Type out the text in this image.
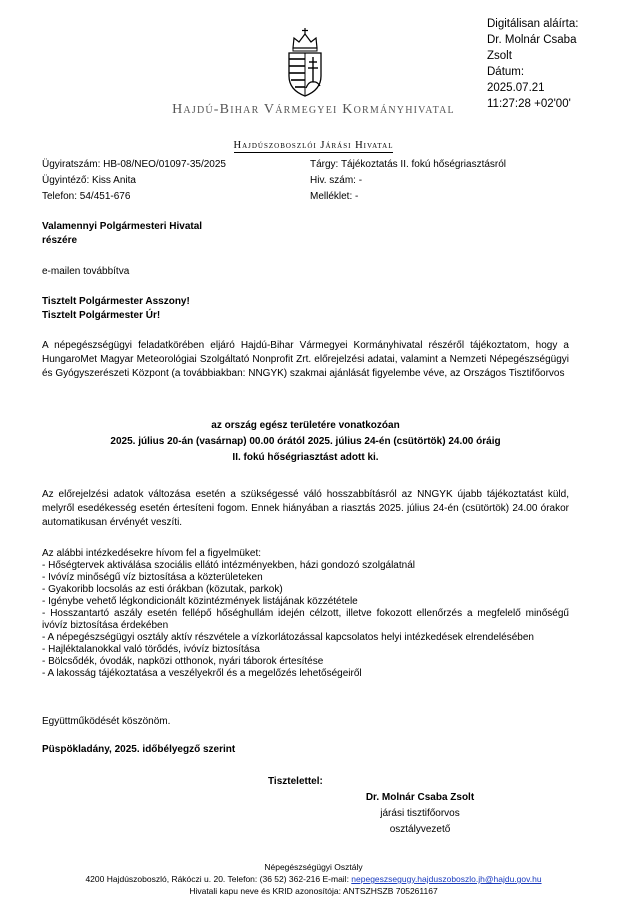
Digitálisan aláírta:
Dr. Molnár Csaba
Zsolt
Dátum:
2025.07.21
11:27:28 +02'00'
Hajdú-Bihar Vármegyei Kormányhivatal
Hajdúszoboszlói Járási Hivatal
Ügyiratszám: HB-08/NEO/01097-35/2025
Ügyintéző: Kiss Anita
Telefon: 54/451-676
Tárgy: Tájékoztatás II. fokú hőségriasztásról
Hiv. szám: -
Melléklet: -
Valamennyi Polgármesteri Hivatal
részére
e-mailen továbbítva
Tisztelt Polgármester Asszony!
Tisztelt Polgármester Úr!
A népegészségügyi feladatkörében eljáró Hajdú-Bihar Vármegyei Kormányhivatal részéről tájékoztatom, hogy a HungaroMet Magyar Meteorológiai Szolgáltató Nonprofit Zrt. előrejelzési adatai, valamint a Nemzeti Népegészségügyi és Gyógyszerészeti Központ (a továbbiakban: NNGYK) szakmai ajánlását figyelembe véve, az Országos Tisztifőorvos
az ország egész területére vonatkozóan
2025. július 20-án (vasárnap) 00.00 órától 2025. július 24-én (csütörtök) 24.00 óráig
II. fokú hőségriasztást adott ki.
Az előrejelzési adatok változása esetén a szükségessé váló hosszabbításról az NNGYK újabb tájékoztatást küld, melyről esedékesség esetén értesíteni fogom. Ennek hiányában a riasztás 2025. július 24-én (csütörtök) 24.00 órakor automatikusan érvényét veszíti.
Az alábbi intézkedésekre hívom fel a figyelmüket:
- Hőségtervek aktiválása szociális ellátó intézményekben, házi gondozó szolgálatnál
- Ivóvíz minőségű víz biztosítása a közterületeken
- Gyakoribb locsolás az esti órákban (közutak, parkok)
- Igénybe vehető légkondicionált közintézmények listájának közzététele
- Hosszantartó aszály esetén fellépő hőséghullám idején célzott, illetve fokozott ellenőrzés a megfelelő minőségű ivóvíz biztosítása érdekében
- A népegészségügyi osztály aktív részvétele a vízkorlátozással kapcsolatos helyi intézkedések elrendelésében
- Hajléktalanokkal való törődés, ivóvíz biztosítása
- Bölcsődék, óvodák, napközi otthonok, nyári táborok értesítése
- A lakosság tájékoztatása a veszélyekről és a megelőzés lehetőségeiről
Együttműködését köszönöm.
Püspökladány, 2025. időbélyegző szerint
Tisztelettel:
Dr. Molnár Csaba Zsolt
járási tisztifőorvos
osztályvezető
Népegészségügyi Osztály
4200 Hajdúszoboszló, Rákóczi u. 20. Telefon: (36 52) 362-216 E-mail: nepegeszsegugy.hajduszoboszlo.jh@hajdu.gov.hu
Hivatali kapu neve és KRID azonosítója: ANTSZHSZB 705261167
